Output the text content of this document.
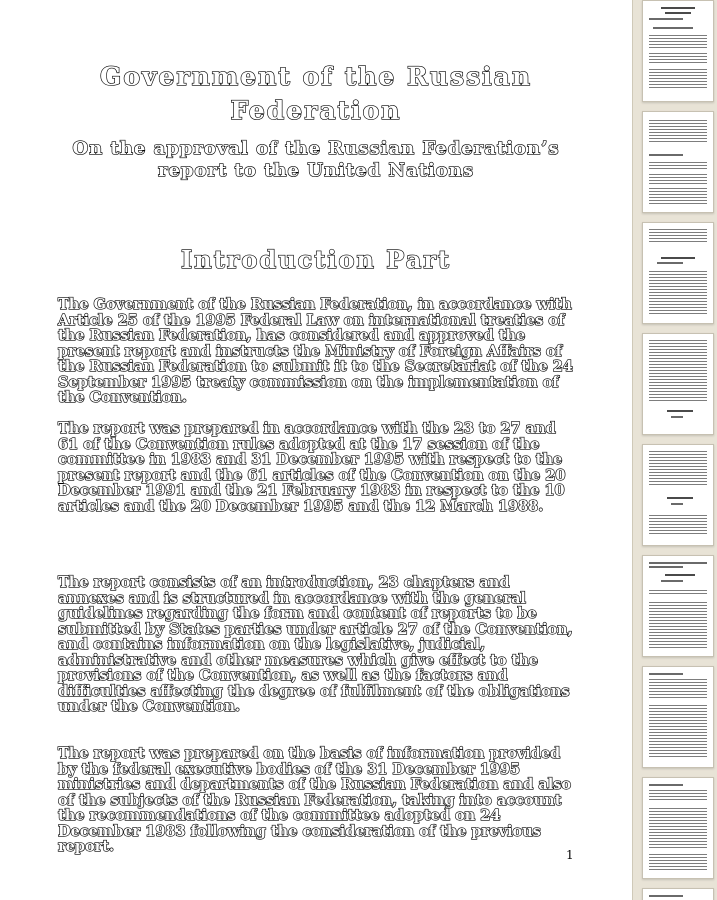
Government of the Russian Federation

On the approval of the Russian Federation’s report to the United Nations

Introduction Part

The Government of the Russian Federation, in accordance with Article 25 of the 1995 Federal Law on international treaties of the Russian Federation, has considered and approved the present report and instructs the Ministry of Foreign Affairs of the Russian Federation to submit it to the Secretariat of the 24 September 1995 treaty commission on the implementation of the Convention.

The report was prepared in accordance with the 23 to 27 and 61 of the Convention rules adopted at the 17 session of the committee in 1983 and 31 December 1995 with respect to the present report and the 61 articles of the Convention on the 20 December 1991 and the 21 February 1983 in respect to the 10 articles and the 20 December 1995 and the 12 March 1988.

The report consists of an introduction, 23 chapters and annexes and is structured in accordance with the general guidelines regarding the form and content of reports to be submitted by States parties under article 27 of the Convention, and contains information on the legislative, judicial, administrative and other measures which give effect to the provisions of the Convention, as well as the factors and difficulties affecting the degree of fulfilment of the obligations under the Convention.

The report was prepared on the basis of information provided by the federal executive bodies of the 31 December 1995 ministries and departments of the Russian Federation and also of the subjects of the Russian Federation, taking into account the recommendations of the committee adopted on 24 December 1983 following the consideration of the previous report.	1
